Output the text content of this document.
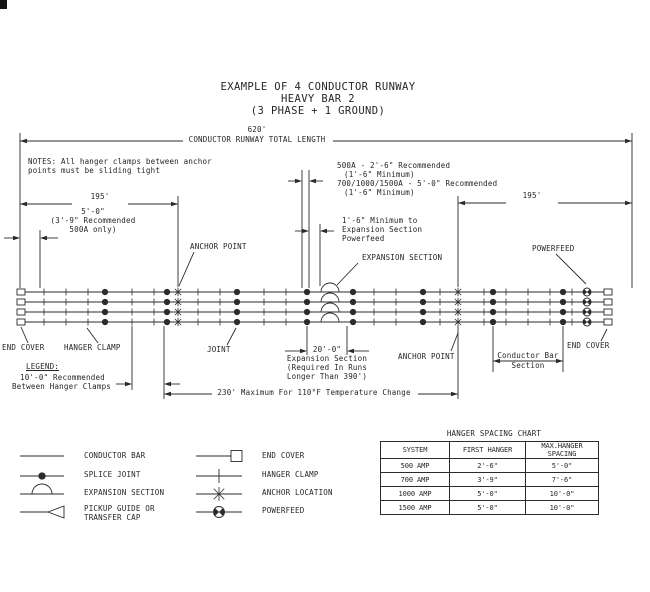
EXAMPLE OF 4 CONDUCTOR RUNWAY
HEAVY BAR 2
(3 PHASE + 1 GROUND)
620'
CONDUCTOR RUNWAY TOTAL LENGTH
NOTES: All hanger clamps between anchor
points must be sliding tight
195'
5'-0"
(3'-9" Recommended
500A only)
500A - 2'-6" Recommended
(1'-6" Minimum)
700/1000/1500A - 5'-0" Recommended
(1'-6" Minimum)
1'-6" Minimum to
Expansion Section
Powerfeed
195'
ANCHOR POINT
EXPANSION SECTION
POWERFEED
END COVER	HANGER CLAMP	JOINT
ANCHOR POINT
END COVER
20'-0"
Expansion Section
(Required In Runs
Longer Than 390')
230' Maximum For 110°F Temperature Change
Conductor Bar
Section
LEGEND:
10'-0" Recommended
Between Hanger Clamps
CONDUCTOR BAR
SPLICE JOINT
EXPANSION SECTION
PICKUP GUIDE OR
TRANSFER CAP
END COVER
HANGER CLAMP
ANCHOR LOCATION
POWERFEED
HANGER SPACING CHART
SYSTEM	FIRST HANGER	MAX.HANGER SPACING
500 AMP	2'-6"	5'-0"
700 AMP	3'-9"	7'-6"
1000 AMP	5'-0"	10'-0"
1500 AMP	5'-0"	10'-0"
